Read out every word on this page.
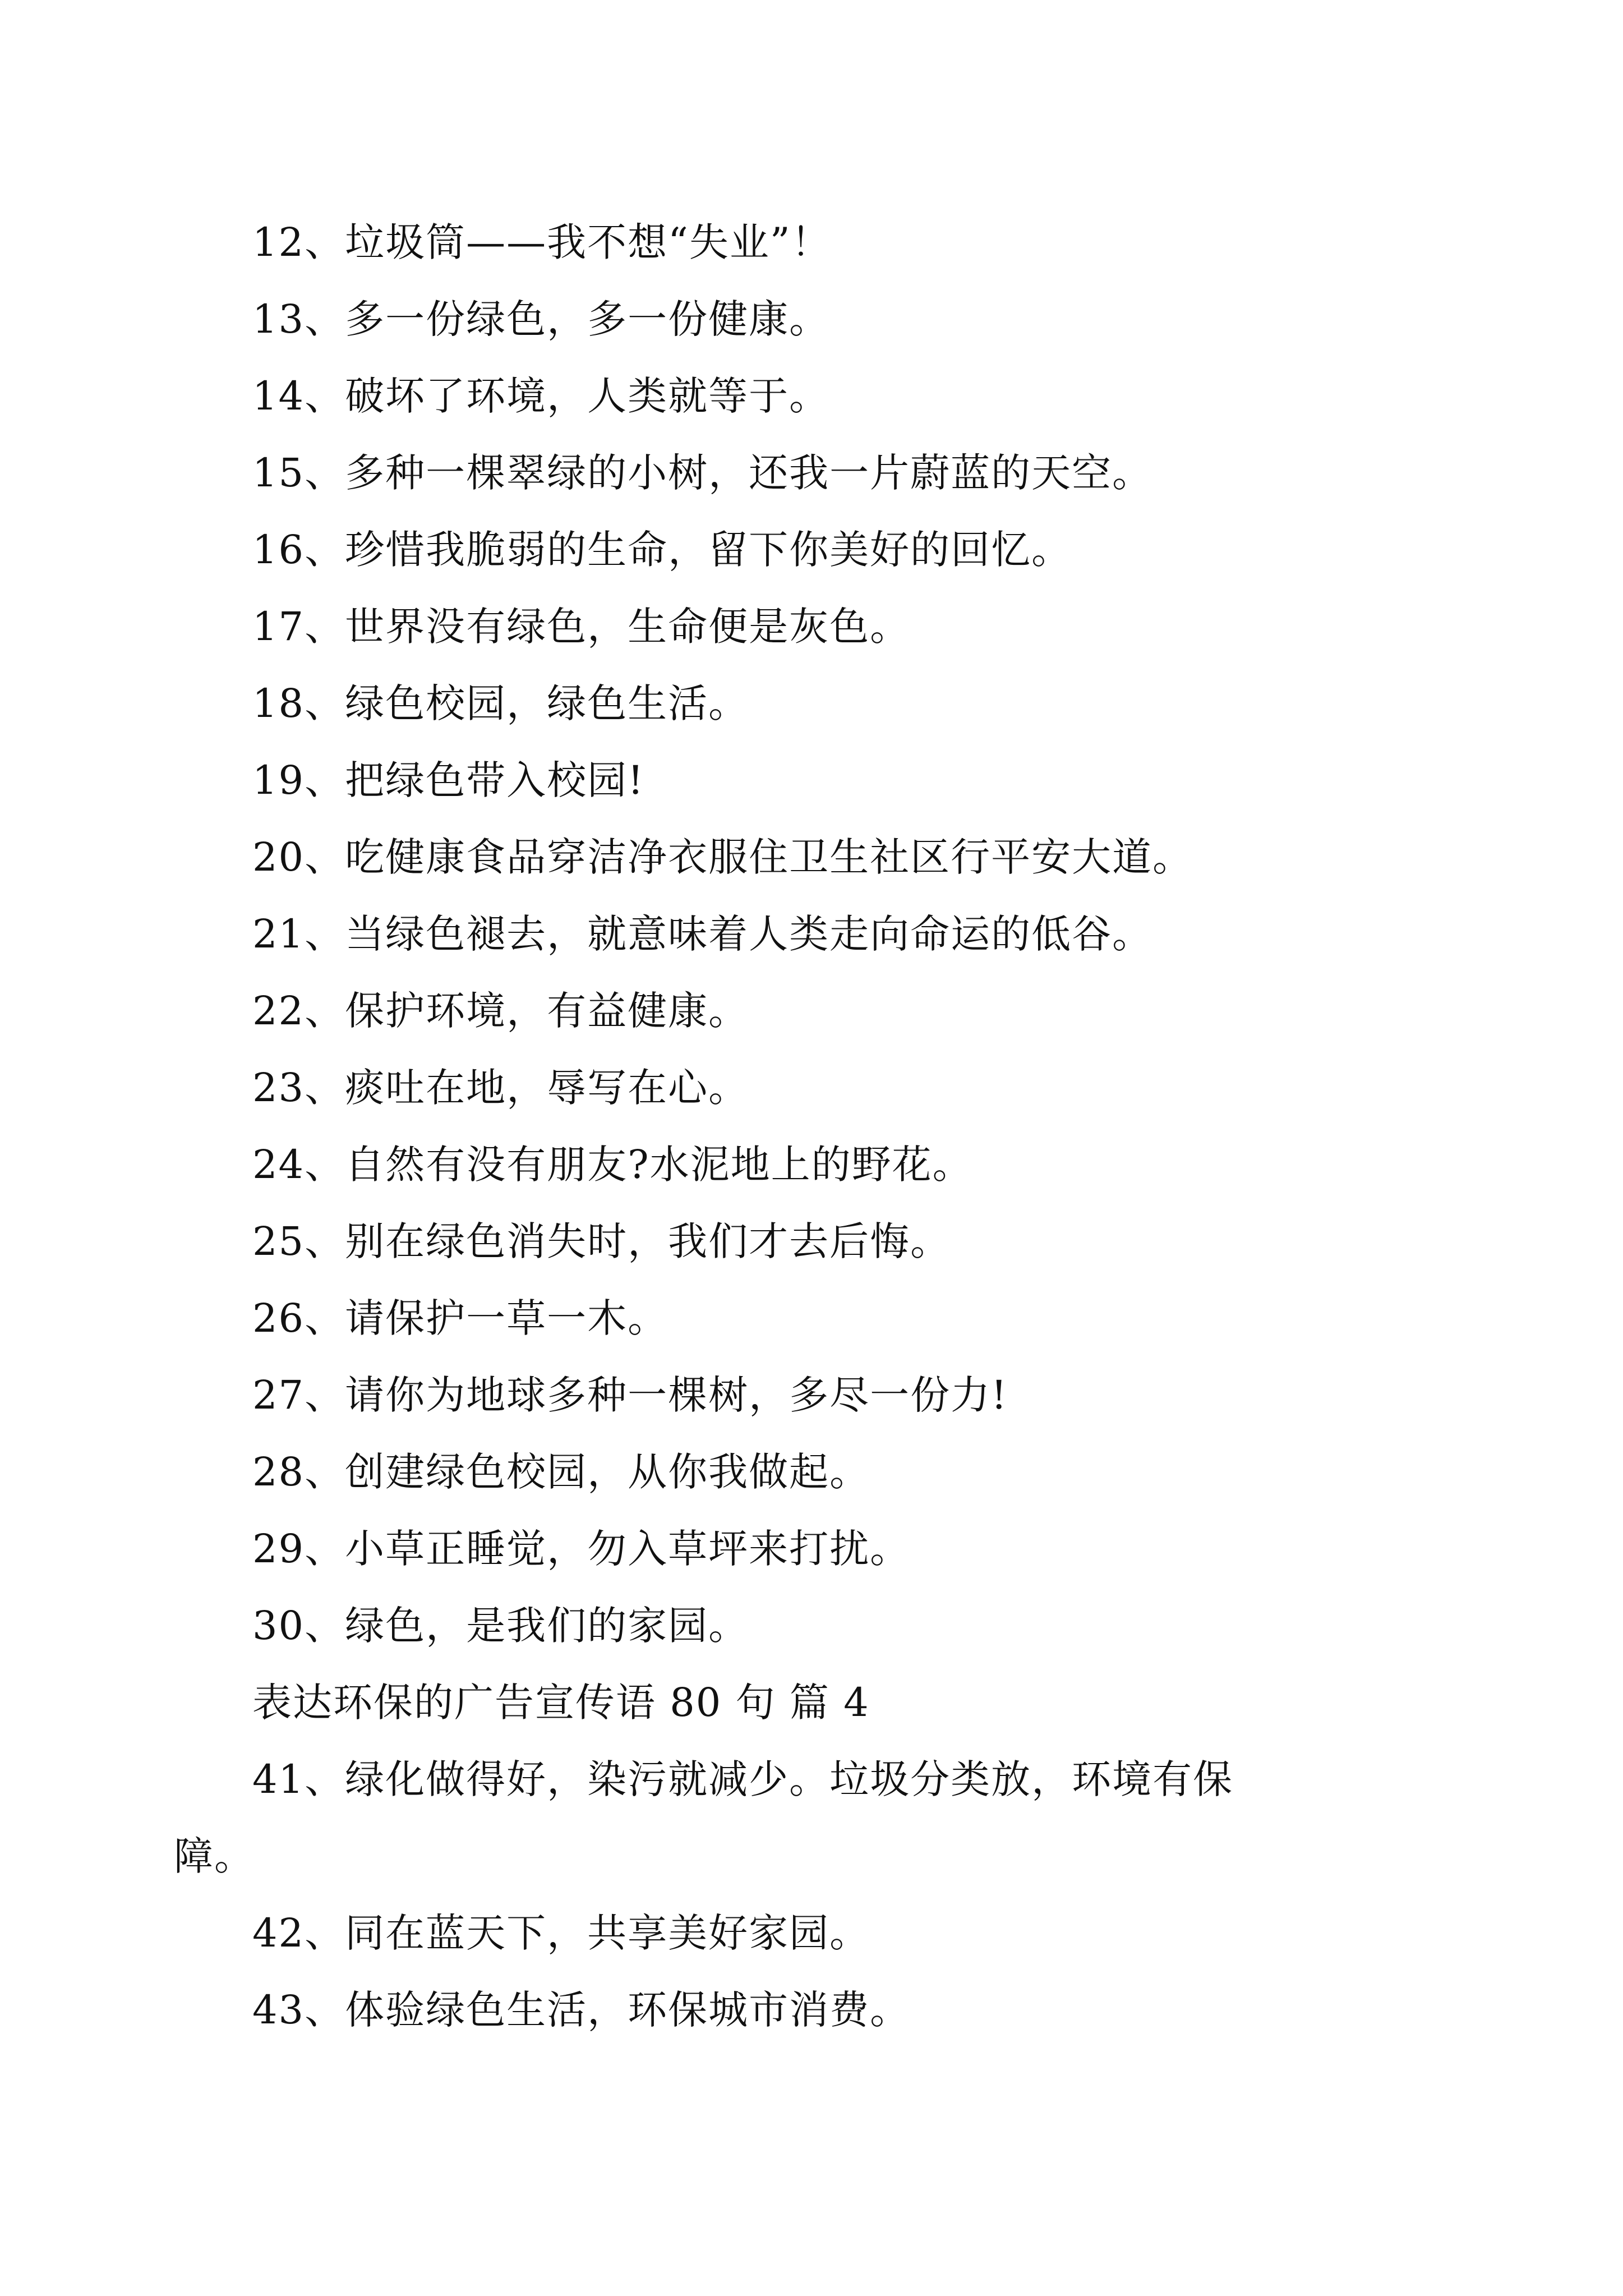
12、垃圾筒——我不想“失业”！
13、多一份绿色，多一份健康。
14、破坏了环境，人类就等于。
15、多种一棵翠绿的小树，还我一片蔚蓝的天空。
16、珍惜我脆弱的生命，留下你美好的回忆。
17、世界没有绿色，生命便是灰色。
18、绿色校园，绿色生活。
19、把绿色带入校园!
20、吃健康食品穿洁净衣服住卫生社区行平安大道。
21、当绿色褪去，就意味着人类走向命运的低谷。
22、保护环境，有益健康。
23、痰吐在地，辱写在心。
24、自然有没有朋友?水泥地上的野花。
25、别在绿色消失时，我们才去后悔。
26、请保护一草一木。
27、请你为地球多种一棵树，多尽一份力!
28、创建绿色校园，从你我做起。
29、小草正睡觉，勿入草坪来打扰。
30、绿色，是我们的家园。
表达环保的广告宣传语 80 句 篇 4
41、绿化做得好，染污就减少。垃圾分类放，环境有保
障。
42、同在蓝天下，共享美好家园。
43、体验绿色生活，环保城市消费。
